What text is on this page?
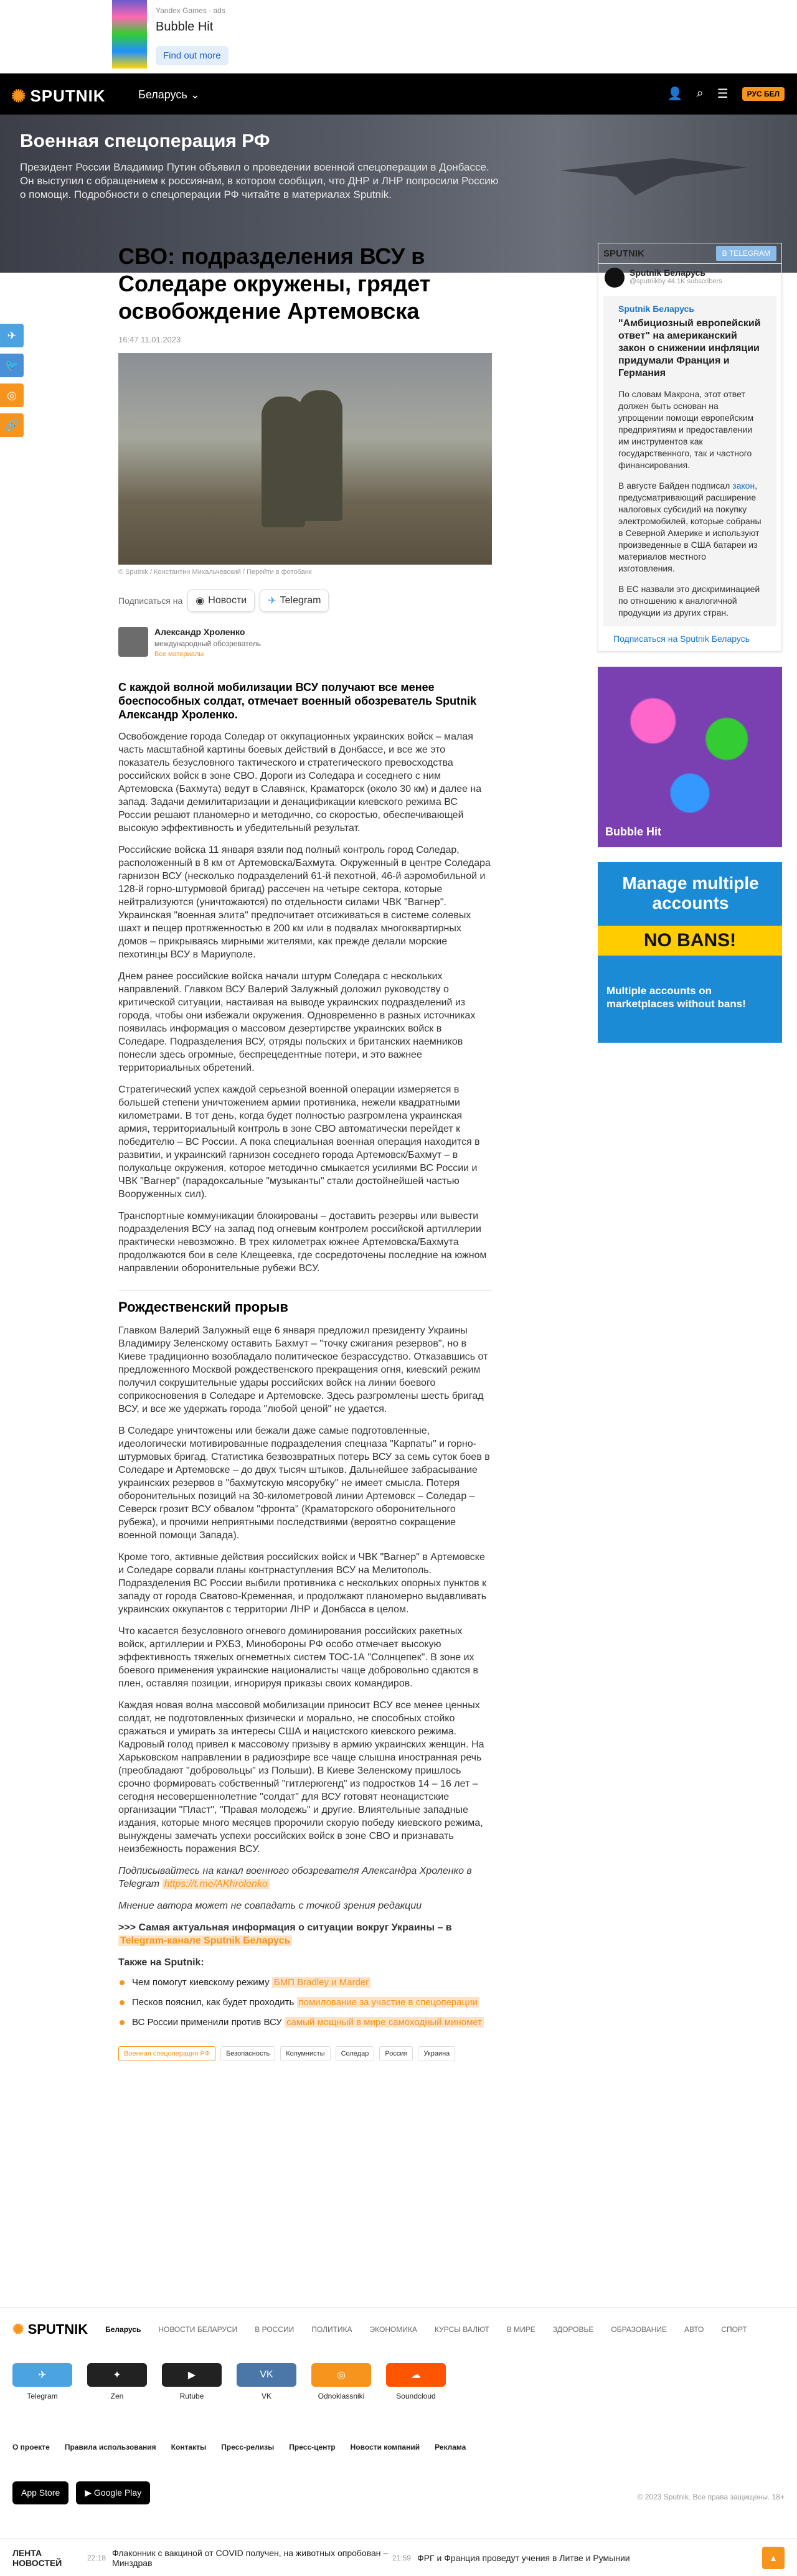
Yandex Games · ads
Bubble Hit
Find out more
✺ SPUTNIK	Беларусь ⌄	👤 ⌕ ☰	РУС БЕЛ
Военная спецоперация РФ

Президент России Владимир Путин объявил о проведении военной спецоперации в Донбассе. Он выступил с обращением к россиянам, в котором сообщил, что ДНР и ЛНР попросили Россию о помощи. Подробности о спецоперации РФ читайте в материалах Sputnik.

✈
🐦
◎
🔗
СВО: подразделения ВСУ в Соледаре окружены, грядет освобождение Артемовска
16:47 11.01.2023
© Sputnik / Константин Михальчевский / Перейти в фотобанк
Подписаться на ◉ Новости ✈ Telegram
Александр Хроленко
международный обозреватель
Все материалы
С каждой волной мобилизации ВСУ получают все менее боеспособных солдат, отмечает военный обозреватель Sputnik Александр Хроленко.
Освобождение города Соледар от оккупационных украинских войск – малая часть масштабной картины боевых действий в Донбассе, и все же это показатель безусловного тактического и стратегического превосходства российских войск в зоне СВО. Дороги из Соледара и соседнего с ним Артемовска (Бахмута) ведут в Славянск, Краматорск (около 30 км) и далее на запад. Задачи демилитаризации и денацификации киевского режима ВС России решают планомерно и методично, со скоростью, обеспечивающей высокую эффективность и убедительный результат.
Российские войска 11 января взяли под полный контроль город Соледар, расположенный в 8 км от Артемовска/Бахмута. Окруженный в центре Соледара гарнизон ВСУ (несколько подразделений 61-й пехотной, 46-й аэромобильной и 128-й горно-штурмовой бригад) рассечен на четыре сектора, которые нейтрализуются (уничтожаются) по отдельности силами ЧВК "Вагнер". Украинская "военная элита" предпочитает отсиживаться в системе солевых шахт и пещер протяженностью в 200 км или в подвалах многоквартирных домов – прикрываясь мирными жителями, как прежде делали морские пехотинцы ВСУ в Мариуполе.
Днем ранее российские войска начали штурм Соледара с нескольких направлений. Главком ВСУ Валерий Залужный доложил руководству о критической ситуации, настаивая на выводе украинских подразделений из города, чтобы они избежали окружения. Одновременно в разных источниках появилась информация о массовом дезертирстве украинских войск в Соледаре. Подразделения ВСУ, отряды польских и британских наемников понесли здесь огромные, беспрецедентные потери, и это важнее территориальных обретений.
Стратегический успех каждой серьезной военной операции измеряется в большей степени уничтожением армии противника, нежели квадратными километрами. В тот день, когда будет полностью разгромлена украинская армия, территориальный контроль в зоне СВО автоматически перейдет к победителю – ВС России. А пока специальная военная операция находится в развитии, и украинский гарнизон соседнего города Артемовск/Бахмут – в полукольце окружения, которое методично смыкается усилиями ВС России и ЧВК "Вагнер" (парадоксальные "музыканты" стали достойнейшей частью Вооруженных сил).
Транспортные коммуникации блокированы – доставить резервы или вывести подразделения ВСУ на запад под огневым контролем российской артиллерии практически невозможно. В трех километрах южнее Артемовска/Бахмута продолжаются бои в селе Клещеевка, где сосредоточены последние на южном направлении оборонительные рубежи ВСУ.
Рождественский прорыв
Главком Валерий Залужный еще 6 января предложил президенту Украины Владимиру Зеленскому оставить Бахмут – "точку сжигания резервов", но в Киеве традиционно возобладало политическое безрассудство. Отказавшись от предложенного Москвой рождественского прекращения огня, киевский режим получил сокрушительные удары российских войск на линии боевого соприкосновения в Соледаре и Артемовске. Здесь разгромлены шесть бригад ВСУ, и все же удержать города "любой ценой" не удается.
В Соледаре уничтожены или бежали даже самые подготовленные, идеологически мотивированные подразделения спецназа "Карпаты" и горно-штурмовых бригад. Статистика безвозвратных потерь ВСУ за семь суток боев в Соледаре и Артемовске – до двух тысяч штыков. Дальнейшее забрасывание украинских резервов в "бахмутскую мясорубку" не имеет смысла. Потеря оборонительных позиций на 30-километровой линии Артемовск – Соледар – Северск грозит ВСУ обвалом "фронта" (Краматорского оборонительного рубежа), и прочими неприятными последствиями (вероятно сокращение военной помощи Запада).
Кроме того, активные действия российских войск и ЧВК "Вагнер" в Артемовске и Соледаре сорвали планы контрнаступления ВСУ на Мелитополь. Подразделения ВС России выбили противника с нескольких опорных пунктов к западу от города Сватово-Кременная, и продолжают планомерно выдавливать украинских оккупантов с территории ЛНР и Донбасса в целом.
Что касается безусловного огневого доминирования российских ракетных войск, артиллерии и РХБЗ, Минобороны РФ особо отмечает высокую эффективность тяжелых огнеметных систем ТОС-1А "Солнцепек". В зоне их боевого применения украинские националисты чаще добровольно сдаются в плен, оставляя позиции, игнорируя приказы своих командиров.
Каждая новая волна массовой мобилизации приносит ВСУ все менее ценных солдат, не подготовленных физически и морально, не способных стойко сражаться и умирать за интересы США и нацистского киевского режима. Кадровый голод привел к массовому призыву в армию украинских женщин. На Харьковском направлении в радиоэфире все чаще слышна иностранная речь (преобладают "добровольцы" из Польши). В Киеве Зеленскому пришлось срочно формировать собственный "гитлерюгенд" из подростков 14 – 16 лет – сегодня несовершеннолетние "солдат" для ВСУ готовят неонацистские организации "Пласт", "Правая молодежь" и другие. Влиятельные западные издания, которые много месяцев пророчили скорую победу киевского режима, вынуждены замечать успехи российских войск в зоне СВО и признавать неизбежность поражения ВСУ.
Подписывайтесь на канал военного обозревателя Александра Хроленко в Telegram https://t.me/AKhrolenko
Мнение автора может не совпадать с точкой зрения редакции
>>> Самая актуальная информация о ситуации вокруг Украины – в Telegram-канале Sputnik Беларусь
Также на Sputnik:
Чем помогут киевскому режиму БМП Bradley и Marder
Песков пояснил, как будет проходить помилование за участие в спецоперации
ВС России применили против ВСУ самый мощный в мире самоходный миномет
Военная спецоперация РФ	Безопасность	Колумнисты	Соледар	Россия	Украина
SPUTNIK	В TELEGRAM
Sputnik Беларусь
@sputnikby 44.1K subscribers
Sputnik Беларусь
"Амбициозный европейский ответ" на американский закон о снижении инфляции придумали Франция и Германия

По словам Макрона, этот ответ должен быть основан на упрощении помощи европейским предприятиям и предоставлении им инструментов как государственного, так и частного финансирования.

В августе Байден подписал закон, предусматривающий расширение налоговых субсидий на покупку электромобилей, которые собраны в Северной Америке и используют произведенные в США батареи из материалов местного изготовления.

В ЕС назвали это дискриминацией по отношению к аналогичной продукции из других стран.

Подписаться на Sputnik Беларусь
Bubble Hit
Manage multiple accounts
NO BANS!
Multiple accounts on marketplaces without bans!
✺ SPUTNIK Беларусь НОВОСТИ БЕЛАРУСИ В РОССИИ ПОЛИТИКА ЭКОНОМИКА КУРСЫ ВАЛЮТ В МИРЕ ЗДОРОВЬЕ ОБРАЗОВАНИЕ АВТО СПОРТ
✈
Telegram
✦
Zen
▶
Rutube
VK
VK
◎
Odnoklassniki
☁
Soundcloud
О проекте Правила использования Контакты Пресс-релизы Пресс-центр Новости компаний Реклама
App Store	▶ Google Play	© 2023 Sputnik. Все права защищены. 18+
ЛЕНТА НОВОСТЕЙ	22:18 Флаконник с вакциной от COVID получен, на животных опробован – Минздрав	21:59 ФРГ и Франция проведут учения в Литве и Румынии	▲
